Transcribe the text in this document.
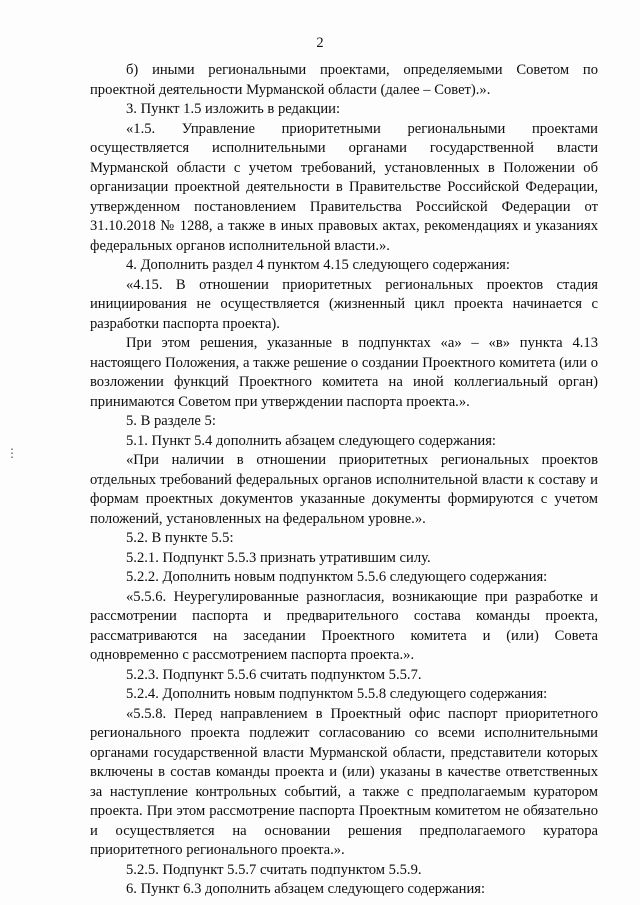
2
⋮

б) иными региональными проектами, определяемыми Советом по проектной деятельности Мурманской области (далее – Совет).».

3. Пункт 1.5 изложить в редакции:

«1.5. Управление приоритетными региональными проектами осуществляется исполнительными органами государственной власти Мурманской области с учетом требований, установленных в Положении об организации проектной деятельности в Правительстве Российской Федерации, утвержденном постановлением Правительства Российской Федерации от 31.10.2018 № 1288, а также в иных правовых актах, рекомендациях и указаниях федеральных органов исполнительной власти.».

4. Дополнить раздел 4 пунктом 4.15 следующего содержания:

«4.15. В отношении приоритетных региональных проектов стадия инициирования не осуществляется (жизненный цикл проекта начинается с разработки паспорта проекта).

При этом решения, указанные в подпунктах «а» – «в» пункта 4.13 настоящего Положения, а также решение о создании Проектного комитета (или о возложении функций Проектного комитета на иной коллегиальный орган) принимаются Советом при утверждении паспорта проекта.».

5. В разделе 5:

5.1. Пункт 5.4 дополнить абзацем следующего содержания:

«При наличии в отношении приоритетных региональных проектов отдельных требований федеральных органов исполнительной власти к составу и формам проектных документов указанные документы формируются с учетом положений, установленных на федеральном уровне.».

5.2. В пункте 5.5:

5.2.1. Подпункт 5.5.3 признать утратившим силу.

5.2.2. Дополнить новым подпунктом 5.5.6 следующего содержания:

«5.5.6. Неурегулированные разногласия, возникающие при разработке и рассмотрении паспорта и предварительного состава команды проекта, рассматриваются на заседании Проектного комитета и (или) Совета одновременно с рассмотрением паспорта проекта.».

5.2.3. Подпункт 5.5.6 считать подпунктом 5.5.7.

5.2.4. Дополнить новым подпунктом 5.5.8 следующего содержания:

«5.5.8. Перед направлением в Проектный офис паспорт приоритетного регионального проекта подлежит согласованию со всеми исполнительными органами государственной власти Мурманской области, представители которых включены в состав команды проекта и (или) указаны в качестве ответственных за наступление контрольных событий, а также с предполагаемым куратором проекта. При этом рассмотрение паспорта Проектным комитетом не обязательно и осуществляется на основании решения предполагаемого куратора приоритетного регионального проекта.».

5.2.5. Подпункт 5.5.7 считать подпунктом 5.5.9.

6. Пункт 6.3 дополнить абзацем следующего содержания:
